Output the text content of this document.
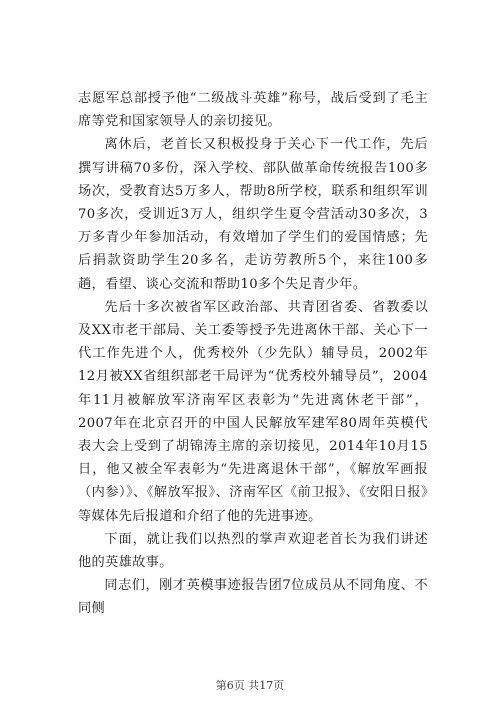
志愿军总部授予他“二级战斗英雄”称号，战后受到了毛主席等党和国家领导人的亲切接见。

离休后，老首长又积极投身于关心下一代工作，先后撰写讲稿70多份，深入学校、部队做革命传统报告100多场次，受教育达5万多人，帮助8所学校，联系和组织军训70多次，受训近3万人，组织学生夏令营活动30多次，3万多青少年参加活动，有效增加了学生们的爱国情感；先后捐款资助学生20多名，走访劳教所5个，来往100多趟，看望、谈心交流和帮助10多个失足青少年。

先后十多次被省军区政治部、共青团省委、省教委以及XX市老干部局、关工委等授予先进离休干部、关心下一代工作先进个人，优秀校外（少先队）辅导员，2002年12月被XX省组织部老干局评为“优秀校外辅导员”，2004年11月被解放军济南军区表彰为“先进离休老干部”，2007年在北京召开的中国人民解放军建军80周年英模代表大会上受到了胡锦涛主席的亲切接见，2014年10月15日，他又被全军表彰为“先进离退休干部”，《解放军画报（内参）》、《解放军报》、济南军区《前卫报》、《安阳日报》等媒体先后报道和介绍了他的先进事迹。

下面，就让我们以热烈的掌声欢迎老首长为我们讲述他的英雄故事。

同志们，刚才英模事迹报告团7位成员从不同角度、不同侧

第6页 共17页
